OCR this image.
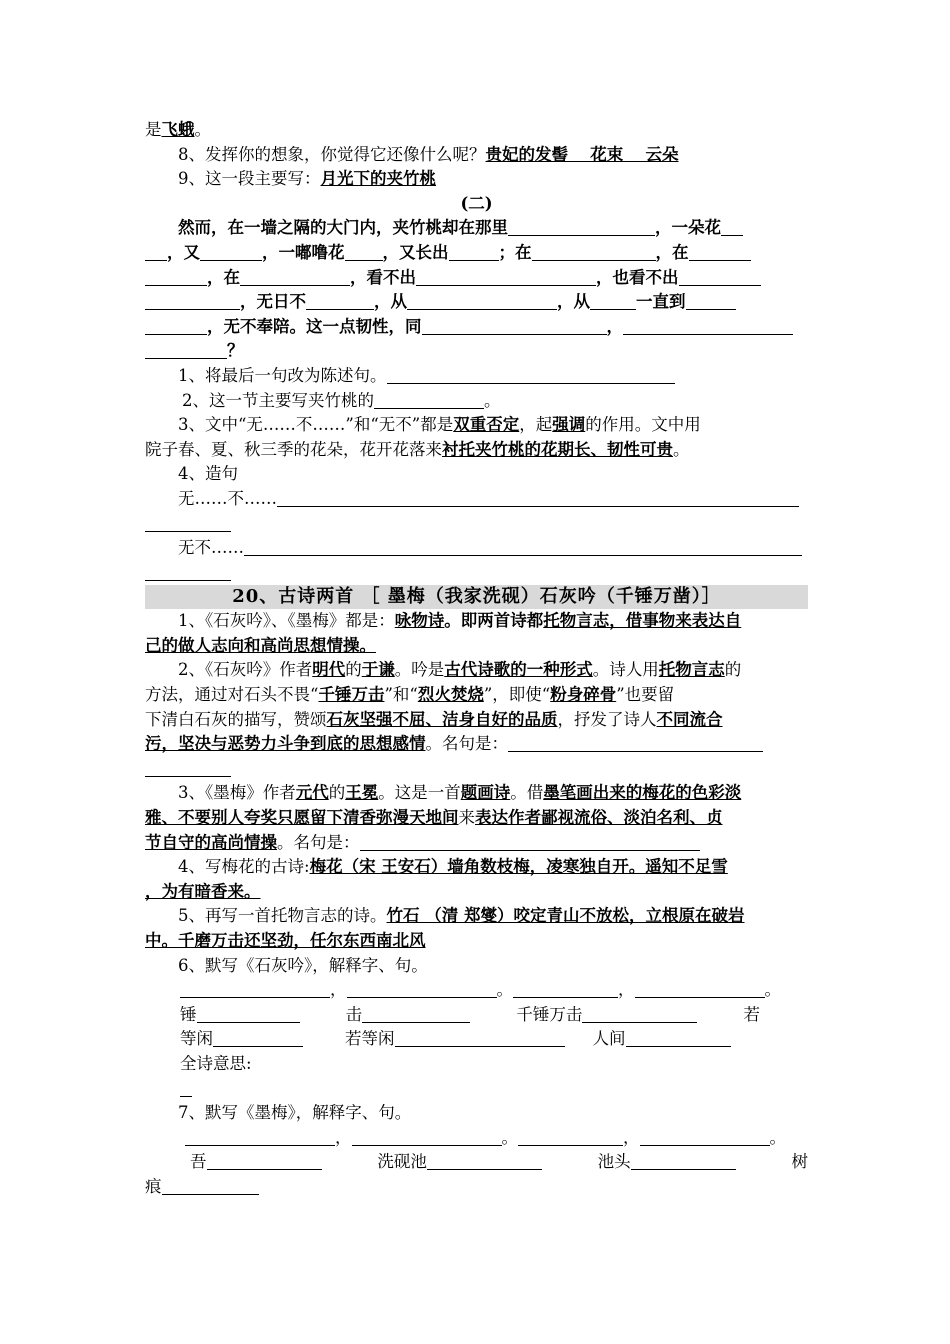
是飞蛾。
8、发挥你的想象，你觉得它还像什么呢？贵妃的发髻　 花束　 云朵
9、这一段主要写：月光下的夹竹桃
(二)
然而，在一墙之隔的大门内，夹竹桃却在那里	，一朵花
，又	，一嘟噜花 ，又长出	；在	，在
，在	，看不出	，也看不出
，无日不	，从	，从	一直到
，无不奉陪。这一点韧性，同	，
？
1、将最后一句改为陈述句。
2、这一节主要写夹竹桃的	。
3、文中“无……不……”和“无不”都是双重否定，起强调的作用。文中用
院子春、夏、秋三季的花朵，花开花落来衬托夹竹桃的花期长、韧性可贵。
4、造句
无……不……
无不……
20、古诗两首 ［ 墨梅（我家洗砚）石灰吟（千锤万凿）］
1、《石灰吟》、《墨梅》都是：咏物诗。即两首诗都托物言志，借事物来表达自
己的做人志向和高尚思想情操。
2、《石灰吟》作者明代的于谦。吟是古代诗歌的一种形式。诗人用托物言志的
方法，通过对石头不畏“千锤万击”和“烈火焚烧”，即使“粉身碎骨”也要留
下清白石灰的描写，赞颂石灰坚强不屈、洁身自好的品质，抒发了诗人不同流合
污，坚决与恶势力斗争到底的思想感情。名句是：
3、《墨梅》作者元代的王冕。这是一首题画诗。借墨笔画出来的梅花的色彩淡
雅、不要别人夸奖只愿留下清香弥漫天地间来表达作者鄙视流俗、淡泊名利、贞
节自守的高尚情操。名句是：
4、写梅花的古诗:梅花（宋 王安石）墙角数枝梅，凌寒独自开。遥知不足雪
，为有暗香来。
5、再写一首托物言志的诗。竹石 （清 郑燮）咬定青山不放松，立根原在破岩
中。千磨万击还坚劲，任尔东西南北风
6、默写《石灰吟》，解释字、句。
，	。	，	。
锤	击	千锤万击	若
等闲	若等闲	人间
全诗意思:
7、默写《墨梅》，解释字、句。
，	。	，	。
吾	洗砚池	池头	树
痕
